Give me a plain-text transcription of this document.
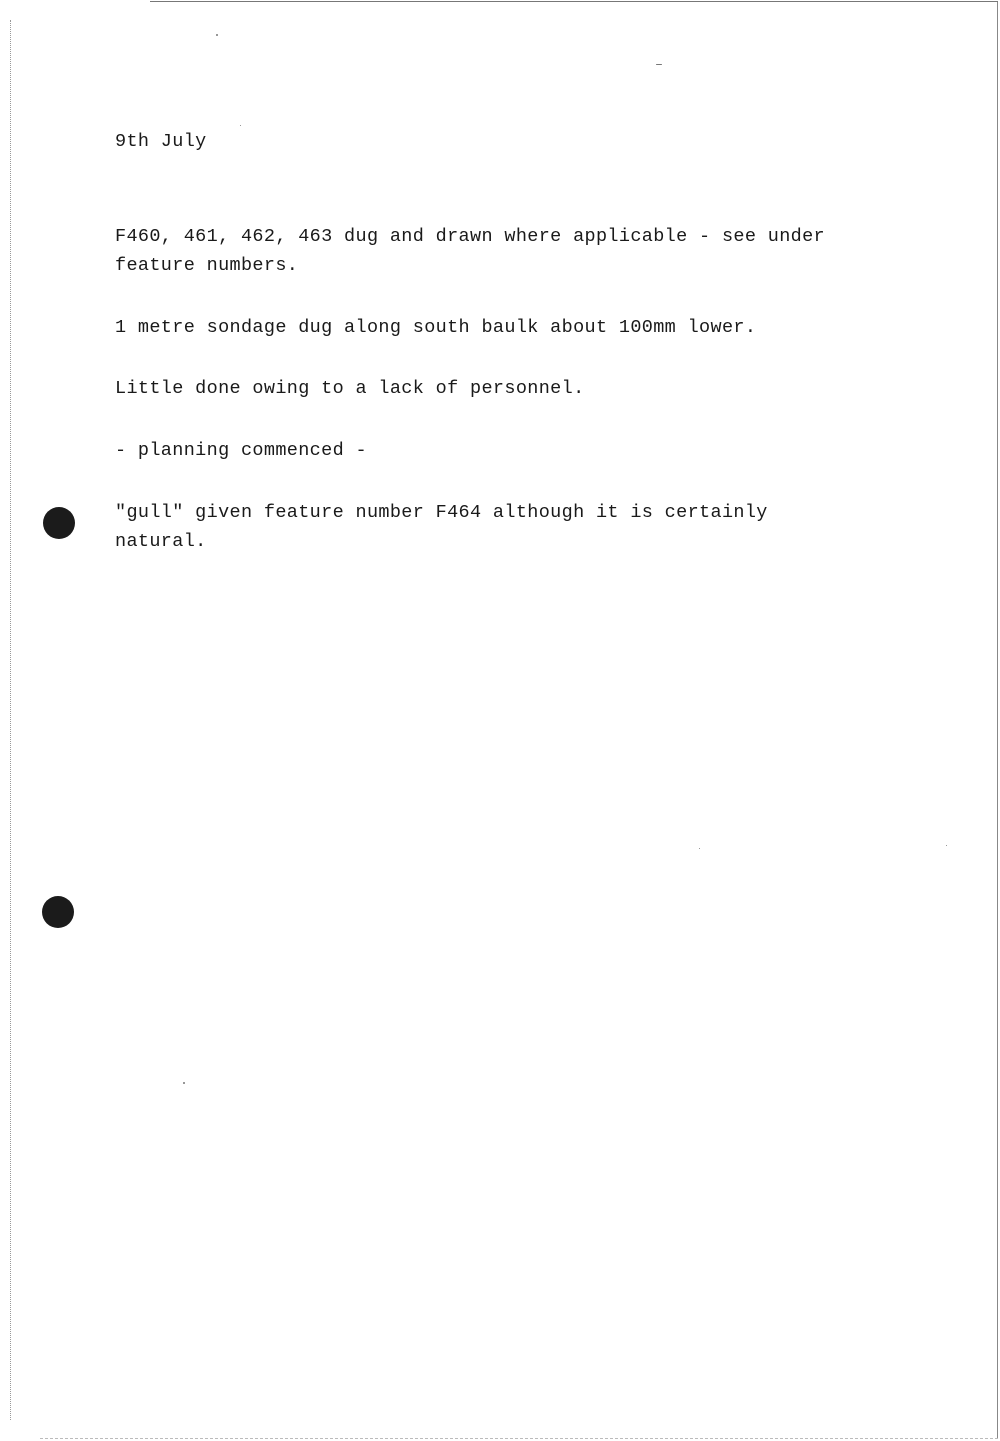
9th July
F460, 461, 462, 463 dug and drawn where applicable - see under
feature numbers.
1 metre sondage dug along south baulk about 100mm lower.
Little done owing to a lack of personnel.
- planning commenced -
"gull" given feature number F464 although it is certainly
natural.
